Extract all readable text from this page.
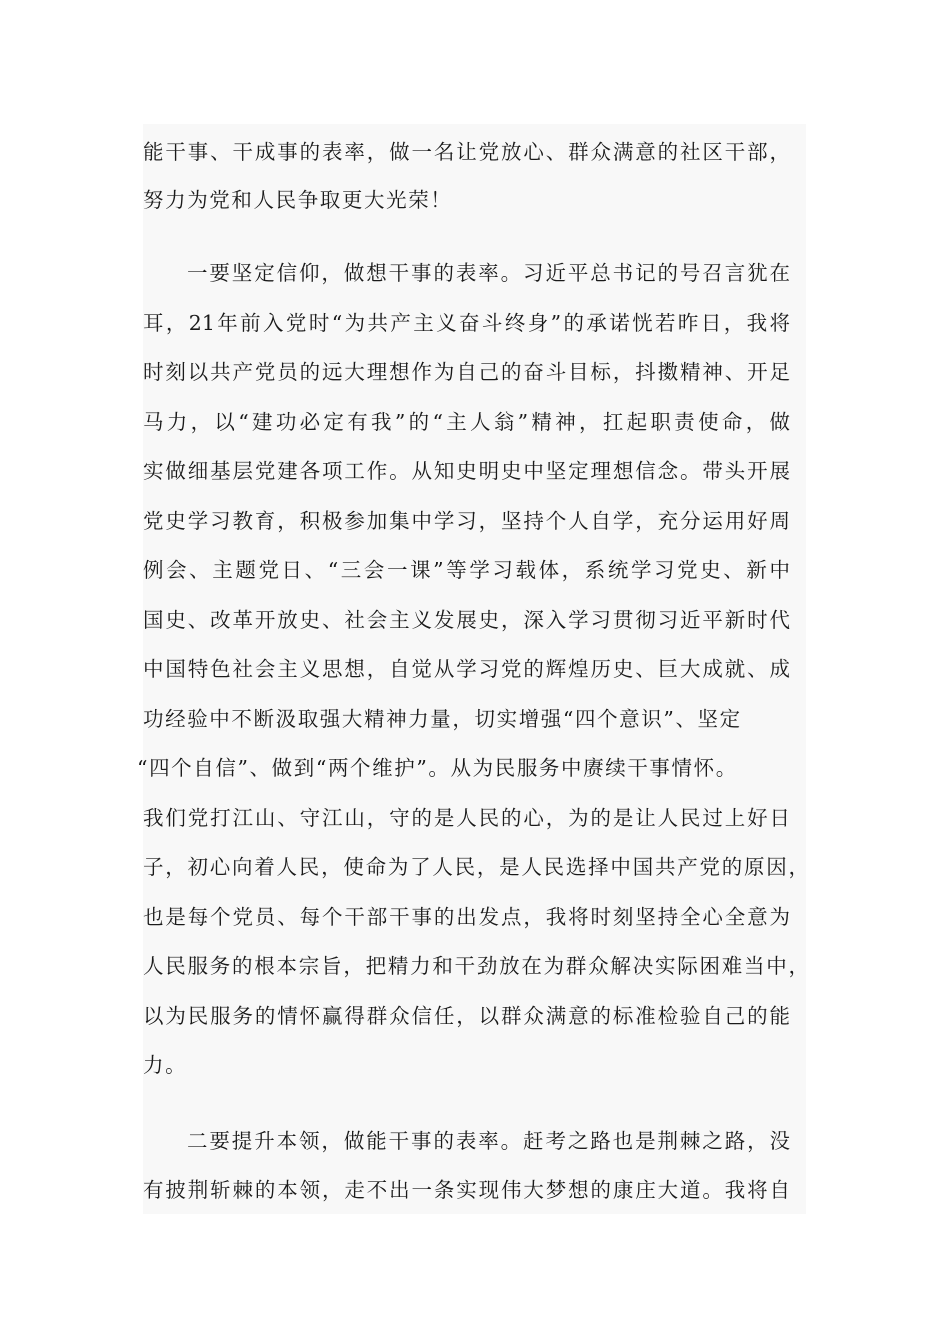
能干事、干成事的表率，做一名让党放心、群众满意的社区干部，
努力为党和人民争取更大光荣！
一要坚定信仰，做想干事的表率。习近平总书记的号召言犹在
耳，21年前入党时“为共产主义奋斗终身”的承诺恍若昨日，我将
时刻以共产党员的远大理想作为自己的奋斗目标，抖擞精神、开足
马力，以“建功必定有我”的“主人翁”精神，扛起职责使命，做
实做细基层党建各项工作。从知史明史中坚定理想信念。带头开展
党史学习教育，积极参加集中学习，坚持个人自学，充分运用好周
例会、主题党日、“三会一课”等学习载体，系统学习党史、新中
国史、改革开放史、社会主义发展史，深入学习贯彻习近平新时代
中国特色社会主义思想，自觉从学习党的辉煌历史、巨大成就、成
功经验中不断汲取强大精神力量，切实增强“四个意识”、坚定
“四个自信”、做到“两个维护”。从为民服务中赓续干事情怀。
我们党打江山、守江山，守的是人民的心，为的是让人民过上好日
子，初心向着人民，使命为了人民，是人民选择中国共产党的原因，
也是每个党员、每个干部干事的出发点，我将时刻坚持全心全意为
人民服务的根本宗旨，把精力和干劲放在为群众解决实际困难当中，
以为民服务的情怀赢得群众信任，以群众满意的标准检验自己的能
力。
二要提升本领，做能干事的表率。赶考之路也是荆棘之路，没
有披荆斩棘的本领，走不出一条实现伟大梦想的康庄大道。我将自
